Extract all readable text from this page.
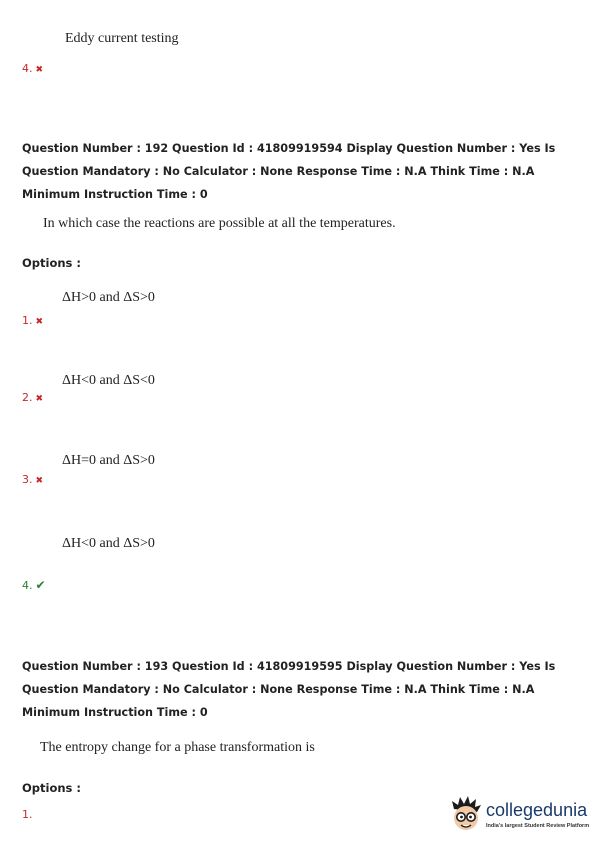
Eddy current testing
4. ✖
Question Number : 192 Question Id : 41809919594 Display Question Number : Yes Is Question Mandatory : No Calculator : None Response Time : N.A Think Time : N.A Minimum Instruction Time : 0
In which case the reactions are possible at all the temperatures.
Options :
ΔH>0 and ΔS>0
1. ✖
ΔH<0 and ΔS<0
2. ✖
ΔH=0 and ΔS>0
3. ✖
ΔH<0 and ΔS>0
4. ✔
Question Number : 193 Question Id : 41809919595 Display Question Number : Yes Is Question Mandatory : No Calculator : None Response Time : N.A Think Time : N.A Minimum Instruction Time : 0
The entropy change for a phase transformation is
Options :
1.	collegedunia
India's largest Student Review Platform
